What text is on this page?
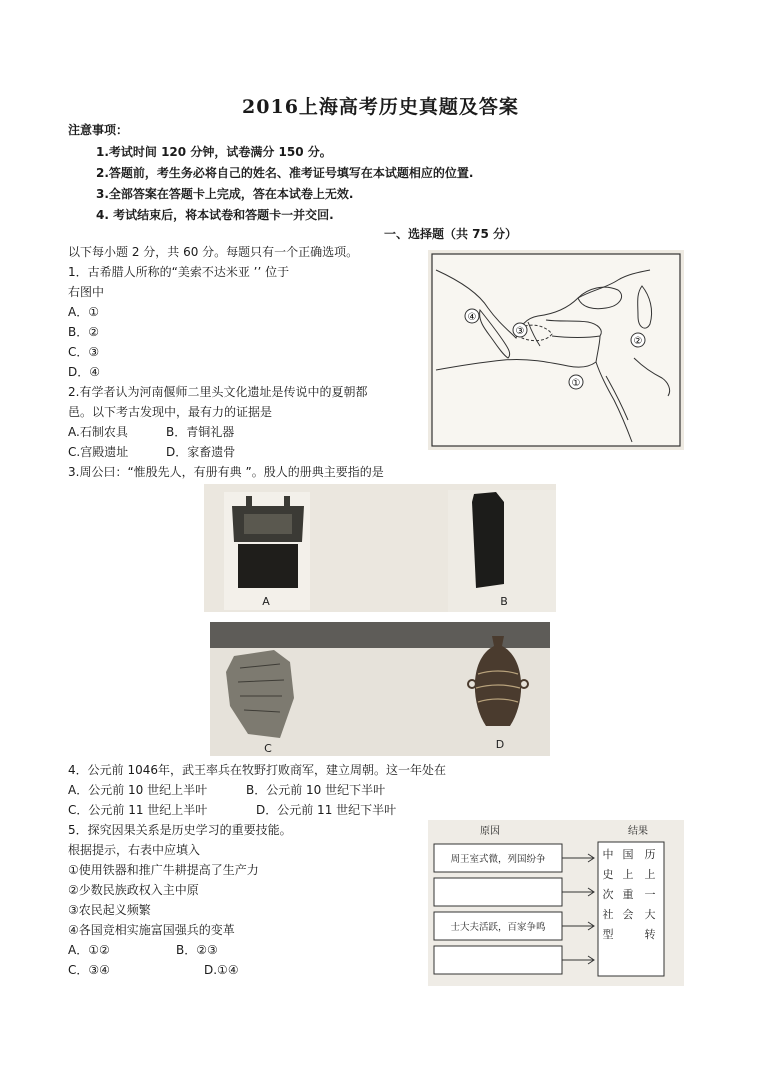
2016上海高考历史真题及答案
注意事项：
1.考试时间 120 分钟，试卷满分 150 分。
2.答题前，考生务必将自己的姓名、准考证号填写在本试题相应的位置.
3.全部答案在答题卡上完成，答在本试卷上无效.
4. 考试结束后，将本试卷和答题卡一并交回.
一、选择题（共 75 分）
以下每小题 2 分，共 60 分。每题只有一个正确选项。
1．古希腊人所称的“美索不达米亚 ’’ 位于
右图中
A．①
B．②
C．③
D．④
④
③
②
①
2.有学者认为河南偃师二里头文化遗址是传说中的夏朝都
邑。以下考古发现中，最有力的证据是
A.石制农具	B．青铜礼器
C.宫殿遗址	D．家畜遗骨
3.周公曰：“惟殷先人，有册有典 ”。殷人的册典主要指的是
A	B
C	D
4．公元前 1046年，武王率兵在牧野打败商军，建立周朝。这一年处在
A．公元前 10 世纪上半叶	B．公元前 10 世纪下半叶
C．公元前 11 世纪上半叶	D．公元前 11 世纪下半叶
5．探究因果关系是历史学习的重要技能。
根据提示，右表中应填入
①使用铁器和推广牛耕提高了生产力
②少数民族政权入主中原
③农民起义频繁
④各国竞相实施富国强兵的变革
A．①②	B．②③
C．③④	D.①④
原因	结果
周王室式微，列国纷争
士大夫活跃，百家争鸣
中 国 历
史 上 上
次 重 一
社 会 大
型	转
